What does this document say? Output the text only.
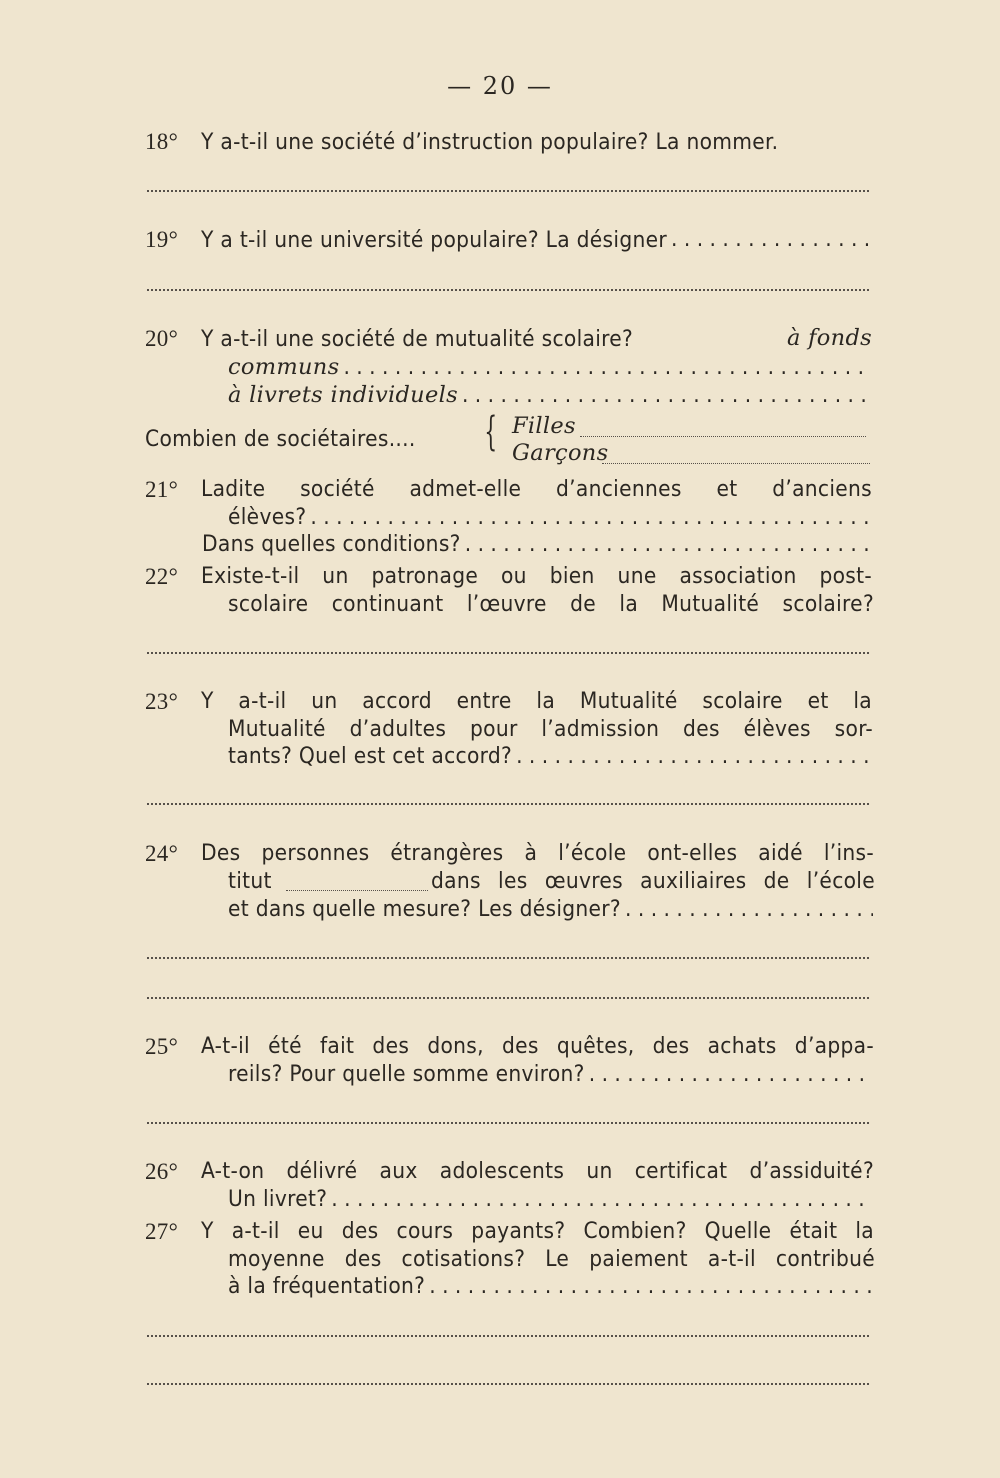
— 20 —
18° Y a-t-il une société d’instruction populaire? La nommer.
19° Y a t-il une université populaire? La désigner
. . .
20° Y a-t-il une société de mutualité scolaire?	à fonds
communs
. . .
à livrets individuels
. . .
Combien de sociétaires.... { Filles
Garçons
21°	Ladite société admet-elle d’anciennes et d’anciens
élèves?
. . .
Dans quelles conditions?
. . .
22°	Existe-t-il un patronage ou bien une association post-
scolaire continuant l’œuvre de la Mutualité scolaire?
23°	Y a-t-il un accord entre la Mutualité scolaire et la
Mutualité d’adultes pour l’admission des élèves sor-
tants? Quel est cet accord?
. . .
24°	Des personnes étrangères à l’école ont-elles aidé l’ins-
titut	dans les œuvres auxiliaires de l’école
et dans quelle mesure? Les désigner?
. . .
25°	A-t-il été fait des dons, des quêtes, des achats d’appa-
reils? Pour quelle somme environ?
. . .
26°	A-t-on délivré aux adolescents un certificat d’assiduité?
Un livret?
. . .
27°	Y a-t-il eu des cours payants? Combien? Quelle était la
moyenne des cotisations? Le paiement a-t-il contribué
à la fréquentation?
. . .
